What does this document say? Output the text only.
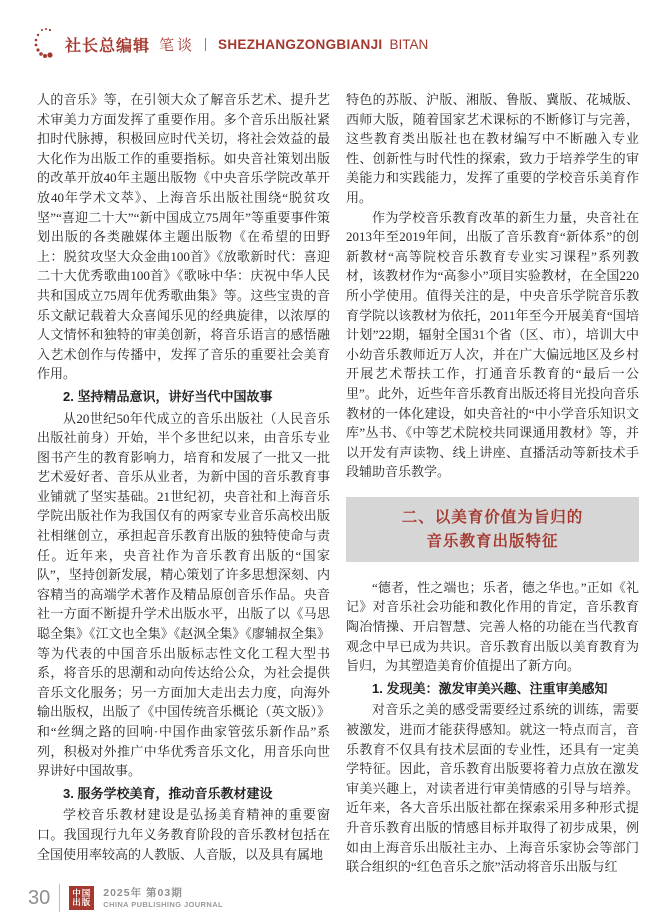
社长总编辑 笔谈 | SHEZHANGZONGBIANJI BITAN

人的音乐》等，在引领大众了解音乐艺术、提升艺术审美力方面发挥了重要作用。多个音乐出版社紧扣时代脉搏，积极回应时代关切，将社会效益的最大化作为出版工作的重要指标。如央音社策划出版的改革开放40年主题出版物《中央音乐学院改革开放40年学术文萃》、上海音乐出版社围绕“脱贫攻坚”“喜迎二十大”“新中国成立75周年”等重要事件策划出版的各类融媒体主题出版物《在希望的田野上：脱贫攻坚大众金曲100首》《放歌新时代：喜迎二十大优秀歌曲100首》《歌咏中华：庆祝中华人民共和国成立75周年优秀歌曲集》等。这些宝贵的音乐文献记载着大众喜闻乐见的经典旋律，以浓厚的人文情怀和独特的审美创新，将音乐语言的感悟融入艺术创作与传播中，发挥了音乐的重要社会美育作用。

2. 坚持精品意识，讲好当代中国故事

从20世纪50年代成立的音乐出版社（人民音乐出版社前身）开始，半个多世纪以来，由音乐专业图书产生的教育影响力，培育和发展了一批又一批艺术爱好者、音乐从业者，为新中国的音乐教育事业铺就了坚实基础。21世纪初，央音社和上海音乐学院出版社作为我国仅有的两家专业音乐高校出版社相继创立，承担起音乐教育出版的独特使命与责任。近年来，央音社作为音乐教育出版的“国家队”，坚持创新发展，精心策划了许多思想深刻、内容精当的高端学术著作及精品原创音乐作品。央音社一方面不断提升学术出版水平，出版了以《马思聪全集》《江文也全集》《赵沨全集》《廖辅叔全集》等为代表的中国音乐出版标志性文化工程大型书系，将音乐的思潮和动向传达给公众，为社会提供音乐文化服务；另一方面加大走出去力度，向海外输出版权，出版了《中国传统音乐概论（英文版）》和“丝绸之路的回响·中国作曲家管弦乐新作品”系列，积极对外推广中华优秀音乐文化，用音乐向世界讲好中国故事。

3. 服务学校美育，推动音乐教材建设

学校音乐教材建设是弘扬美育精神的重要窗口。我国现行九年义务教育阶段的音乐教材包括在全国使用率较高的人教版、人音版，以及具有属地

特色的苏版、沪版、湘版、鲁版、冀版、花城版、西师大版，随着国家艺术课标的不断修订与完善，这些教育类出版社也在教材编写中不断融入专业性、创新性与时代性的探索，致力于培养学生的审美能力和实践能力，发挥了重要的学校音乐美育作用。

作为学校音乐教育改革的新生力量，央音社在2013年至2019年间，出版了音乐教育“新体系”的创新教材“高等院校音乐教育专业实习课程”系列教材，该教材作为“高参小”项目实验教材，在全国220所小学使用。值得关注的是，中央音乐学院音乐教育学院以该教材为依托，2011年至今开展美育“国培计划”22期，辐射全国31个省（区、市），培训大中小幼音乐教师近万人次，并在广大偏远地区及乡村开展艺术帮扶工作，打通音乐教育的“最后一公里”。此外，近些年音乐教育出版还将目光投向音乐教材的一体化建设，如央音社的“中小学音乐知识文库”丛书、《中等艺术院校共同课通用教材》等，并以开发有声读物、线上讲座、直播活动等新技术手段辅助音乐教学。

二、以美育价值为旨归的
音乐教育出版特征

“德者，性之端也；乐者，德之华也。”正如《礼记》对音乐社会功能和教化作用的肯定，音乐教育陶冶情操、开启智慧、完善人格的功能在当代教育观念中早已成为共识。音乐教育出版以美育教育为旨归，为其塑造美育价值提出了新方向。

1. 发现美：激发审美兴趣、注重审美感知

对音乐之美的感受需要经过系统的训练，需要被激发，进而才能获得感知。就这一特点而言，音乐教育不仅具有技术层面的专业性，还具有一定美学特征。因此，音乐教育出版要将着力点放在激发审美兴趣上，对读者进行审美情感的引导与培养。近年来，各大音乐出版社都在探索采用多种形式提升音乐教育出版的情感目标并取得了初步成果，例如由上海音乐出版社主办、上海音乐家协会等部门联合组织的“红色音乐之旅”活动将音乐出版与红

30	中国
出版
2025年 第03期
CHINA PUBLISHING JOURNAL
